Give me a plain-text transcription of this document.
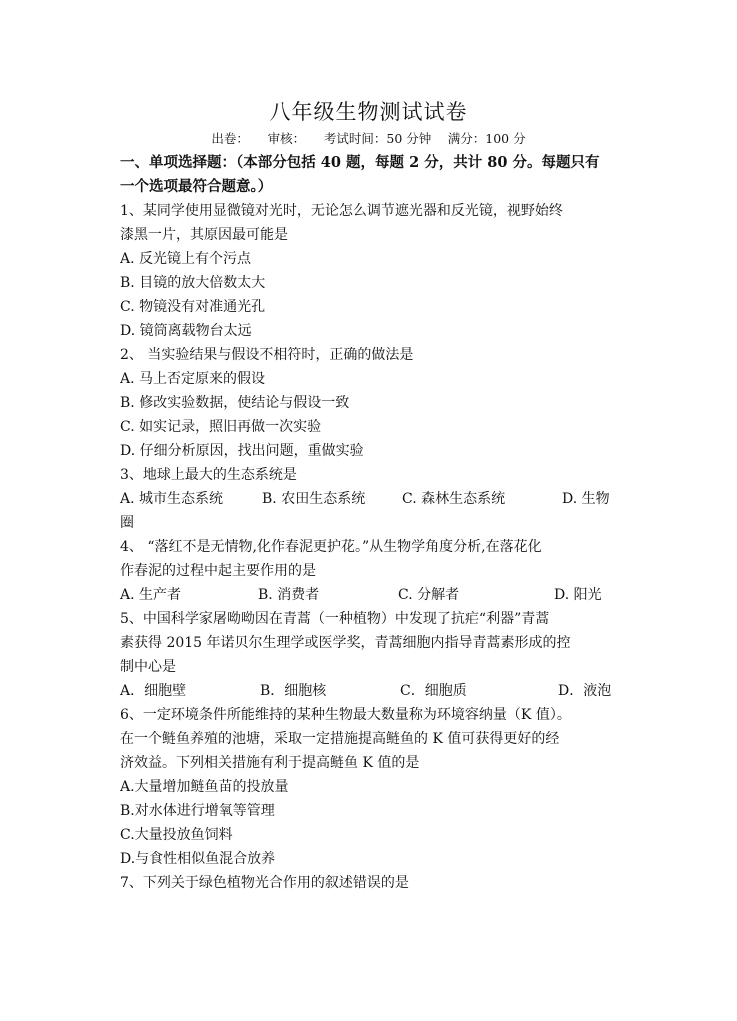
八年级生物测试试卷
出卷：　　审核：　　考试时间：50 分钟　 满分：100 分
一、单项选择题：（本部分包括 40 题，每题 2 分，共计 80 分。每题只有
一个选项最符合题意。）
1、某同学使用显微镜对光时，无论怎么调节遮光器和反光镜，视野始终
漆黑一片，其原因最可能是
A. 反光镜上有个污点
B. 目镜的放大倍数太大
C. 物镜没有对准通光孔
D. 镜筒离载物台太远
2、 当实验结果与假设不相符时，正确的做法是
A. 马上否定原来的假设
B. 修改实验数据，使结论与假设一致
C. 如实记录，照旧再做一次实验
D. 仔细分析原因，找出问题，重做实验
3、地球上最大的生态系统是
A. 城市生态系统	B. 农田生态系统	C. 森林生态系统	D. 生物
圈
4、 “落红不是无情物,化作春泥更护花。”从生物学角度分析,在落花化
作春泥的过程中起主要作用的是
A. 生产者	B. 消费者	C. 分解者	D. 阳光
5、中国科学家屠呦呦因在青蒿（一种植物）中发现了抗疟“利器”青蒿
素获得 2015 年诺贝尔生理学或医学奖，青蒿细胞内指导青蒿素形成的控
制中心是
A．细胞壁	B．细胞核	C．细胞质	D．液泡
6、一定环境条件所能维持的某种生物最大数量称为环境容纳量（K 值）。
在一个鲢鱼养殖的池塘，采取一定措施提高鲢鱼的 K 值可获得更好的经
济效益。下列相关措施有利于提高鲢鱼 K 值的是
A.大量增加鲢鱼苗的投放量
B.对水体进行增氧等管理
C.大量投放鱼饲料
D.与食性相似鱼混合放养
7、下列关于绿色植物光合作用的叙述错误的是
